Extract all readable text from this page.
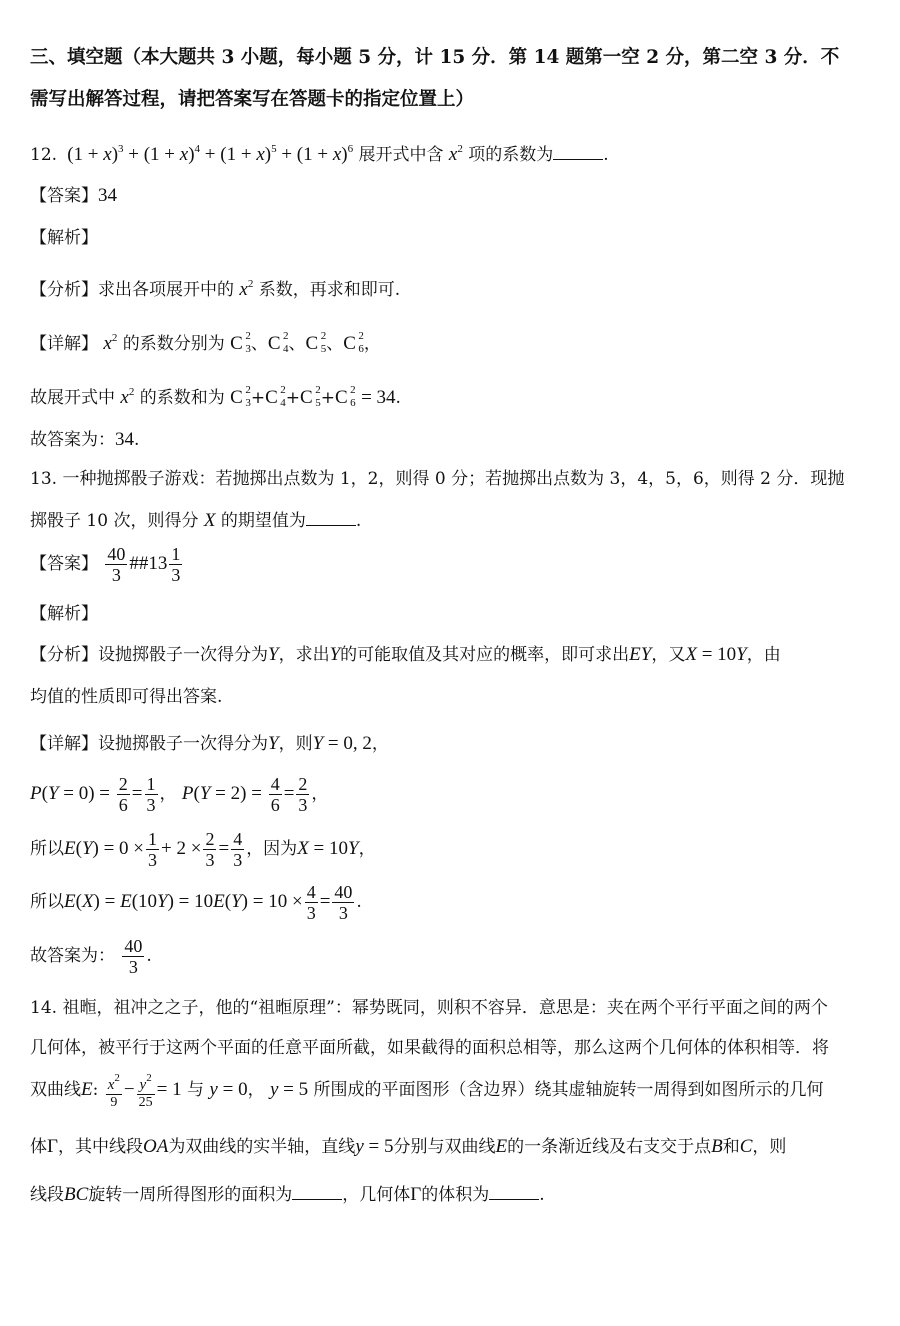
三、填空题（本大题共 3 小题，每小题 5 分，计 15 分．第 14 题第一空 2 分，第二空 3 分．不
需写出解答过程，请把答案写在答题卡的指定位置上）
12.  $(1 + x)^3 + (1 + x)^4 + (1 + x)^5 + (1 + x)^6$ 展开式中含 $x^2$ 项的系数为	.
【答案】34
【解析】
【分析】求出各项展开中的 $x^2$ 系数，再求和即可.
【详解】 $x^2$ 的系数分别为 C 2
3 、C 2
4 、C 2
5 、C 2
6 ，
故展开式中 $x^2$ 的系数和为 C 2
3 +C 2
4 +C 2
5 +C 2
6 = 34.
故答案为：34.
13. 一种抛掷骰子游戏：若抛掷出点数为 1，2，则得 0 分；若抛掷出点数为 3，4，5，6，则得 2 分．现抛
掷骰子 10 次，则得分 X 的期望值为	.
【答案】 $\frac{40}{3}$ ##13 $\frac{1}{3}$
【解析】
【分析】设抛掷骰子一次得分为Y，求出Y的可能取值及其对应的概率，即可求出EY，又X = 10Y，由
均值的性质即可得出答案.
【详解】设抛掷骰子一次得分为Y，则Y = 0, 2，
$P(Y = 0) = \frac{2}{6} = \frac{1}{3}$ ， $P(Y = 2) = \frac{4}{6} = \frac{2}{3}$ ，
所以$E(Y) = 0 \times \frac{1}{3} + 2 \times \frac{2}{3} = \frac{4}{3}$ ，因为X = 10Y，
所以$E(X) = E(10Y) = 10E(Y) = 10 \times \frac{4}{3} = \frac{40}{3}$ .
故答案为： $\frac{40}{3}$ .
14. 祖暅，祖冲之之子，他的“祖暅原理”：幂势既同，则积不容异．意思是：夹在两个平行平面之间的两个
几何体，被平行于这两个平面的任意平面所截，如果截得的面积总相等，那么这两个几何体的体积相等．将
双曲线E: $\frac{x^2}{9} - \frac{y^2}{25} = 1$ 与 y = 0， y = 5 所围成的平面图形（含边界）绕其虚轴旋转一周得到如图所示的几何
体Γ，其中线段OA为双曲线的实半轴，直线y = 5分别与双曲线E的一条渐近线及右支交于点B和C，则
线段BC旋转一周所得图形的面积为	，几何体Γ的体积为	.
